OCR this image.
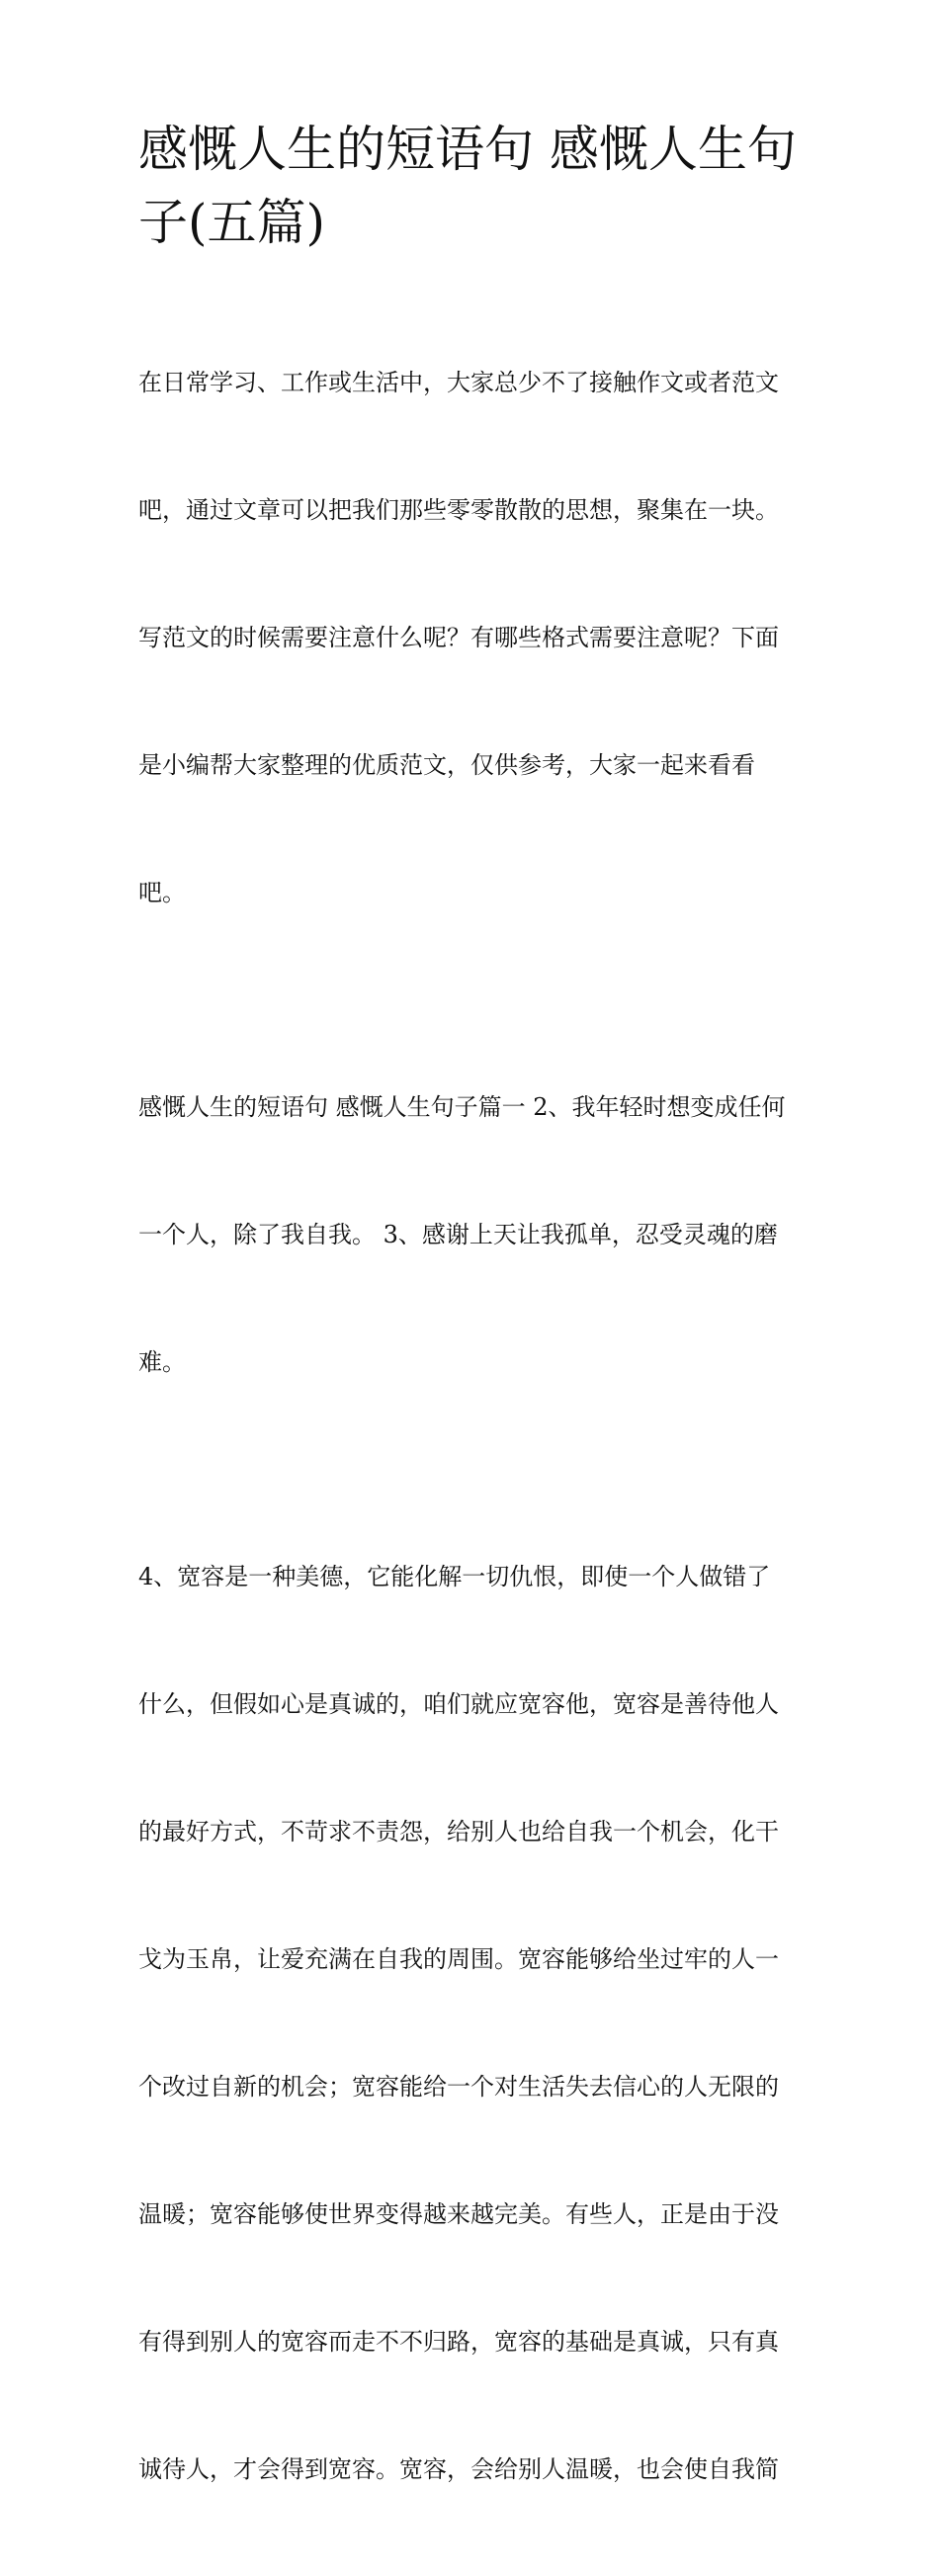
感慨人生的短语句 感慨人生句
子(五篇)

在日常学习、工作或生活中，大家总少不了接触作文或者范文

吧，通过文章可以把我们那些零零散散的思想，聚集在一块。

写范文的时候需要注意什么呢？有哪些格式需要注意呢？下面

是小编帮大家整理的优质范文，仅供参考，大家一起来看看

吧。

感慨人生的短语句 感慨人生句子篇一 2、我年轻时想变成任何

一个人，除了我自我。 3、感谢上天让我孤单，忍受灵魂的磨

难。

4、宽容是一种美德，它能化解一切仇恨，即使一个人做错了

什么，但假如心是真诚的，咱们就应宽容他，宽容是善待他人

的最好方式，不苛求不责怨，给别人也给自我一个机会，化干

戈为玉帛，让爱充满在自我的周围。宽容能够给坐过牢的人一

个改过自新的机会；宽容能给一个对生活失去信心的人无限的

温暖；宽容能够使世界变得越来越完美。有些人，正是由于没

有得到别人的宽容而走不不归路，宽容的基础是真诚，只有真

诚待人，才会得到宽容。宽容，会给别人温暖，也会使自我简
